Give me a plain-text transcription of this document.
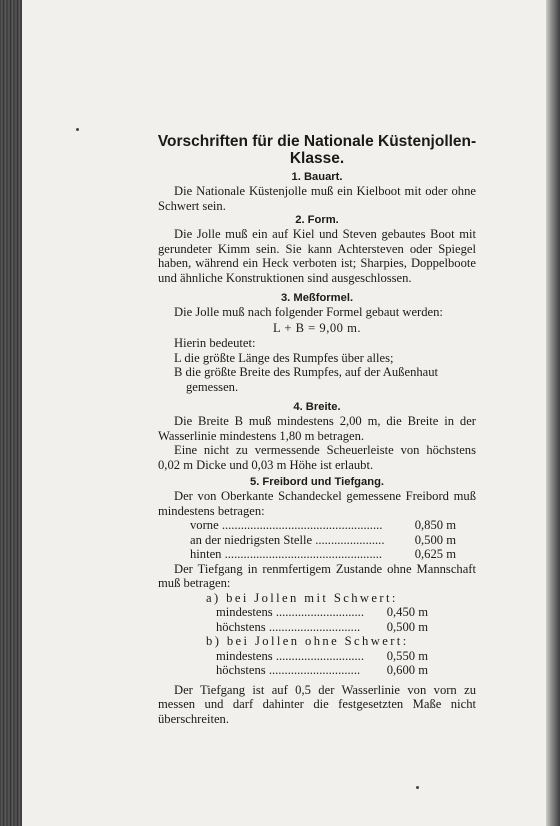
Vorschriften für die Nationale Küstenjollen-Klasse.
1. Bauart.

Die Nationale Küstenjolle muß ein Kielboot mit oder ohne Schwert sein.

2. Form.

Die Jolle muß ein auf Kiel und Steven gebautes Boot mit gerundeter Kimm sein. Sie kann Achtersteven oder Spiegel haben, während ein Heck verboten ist; Sharpies, Doppelboote und ähnliche Konstruktionen sind ausgeschlossen.

3. Meßformel.

Die Jolle muß nach folgender Formel gebaut werden:

L + B = 9,00 m.

Hierin bedeutet:

L die größte Länge des Rumpfes über alles;

B die größte Breite des Rumpfes, auf der Außenhaut gemessen.

4. Breite.

Die Breite B muß mindestens 2,00 m, die Breite in der Wasserlinie mindestens 1,80 m betragen.

Eine nicht zu vermessende Scheuerleiste von höchstens 0,02 m Dicke und 0,03 m Höhe ist erlaubt.

5. Freibord und Tiefgang.

Der von Oberkante Schandeckel gemessene Freibord muß mindestens betragen:

vorne ...................................................	0,850 m
an der niedrigsten Stelle ......................	0,500 m
hinten ..................................................	0,625 m

Der Tiefgang in renmfertigem Zustande ohne Mannschaft muß betragen:

a) bei Jollen mit Schwert:

mindestens ............................	0,450 m
höchstens .............................	0,500 m

b) bei Jollen ohne Schwert:

mindestens ............................	0,550 m
höchstens .............................	0,600 m

Der Tiefgang ist auf 0,5 der Wasserlinie von vorn zu messen und darf dahinter die festgesetzten Maße nicht überschreiten.
